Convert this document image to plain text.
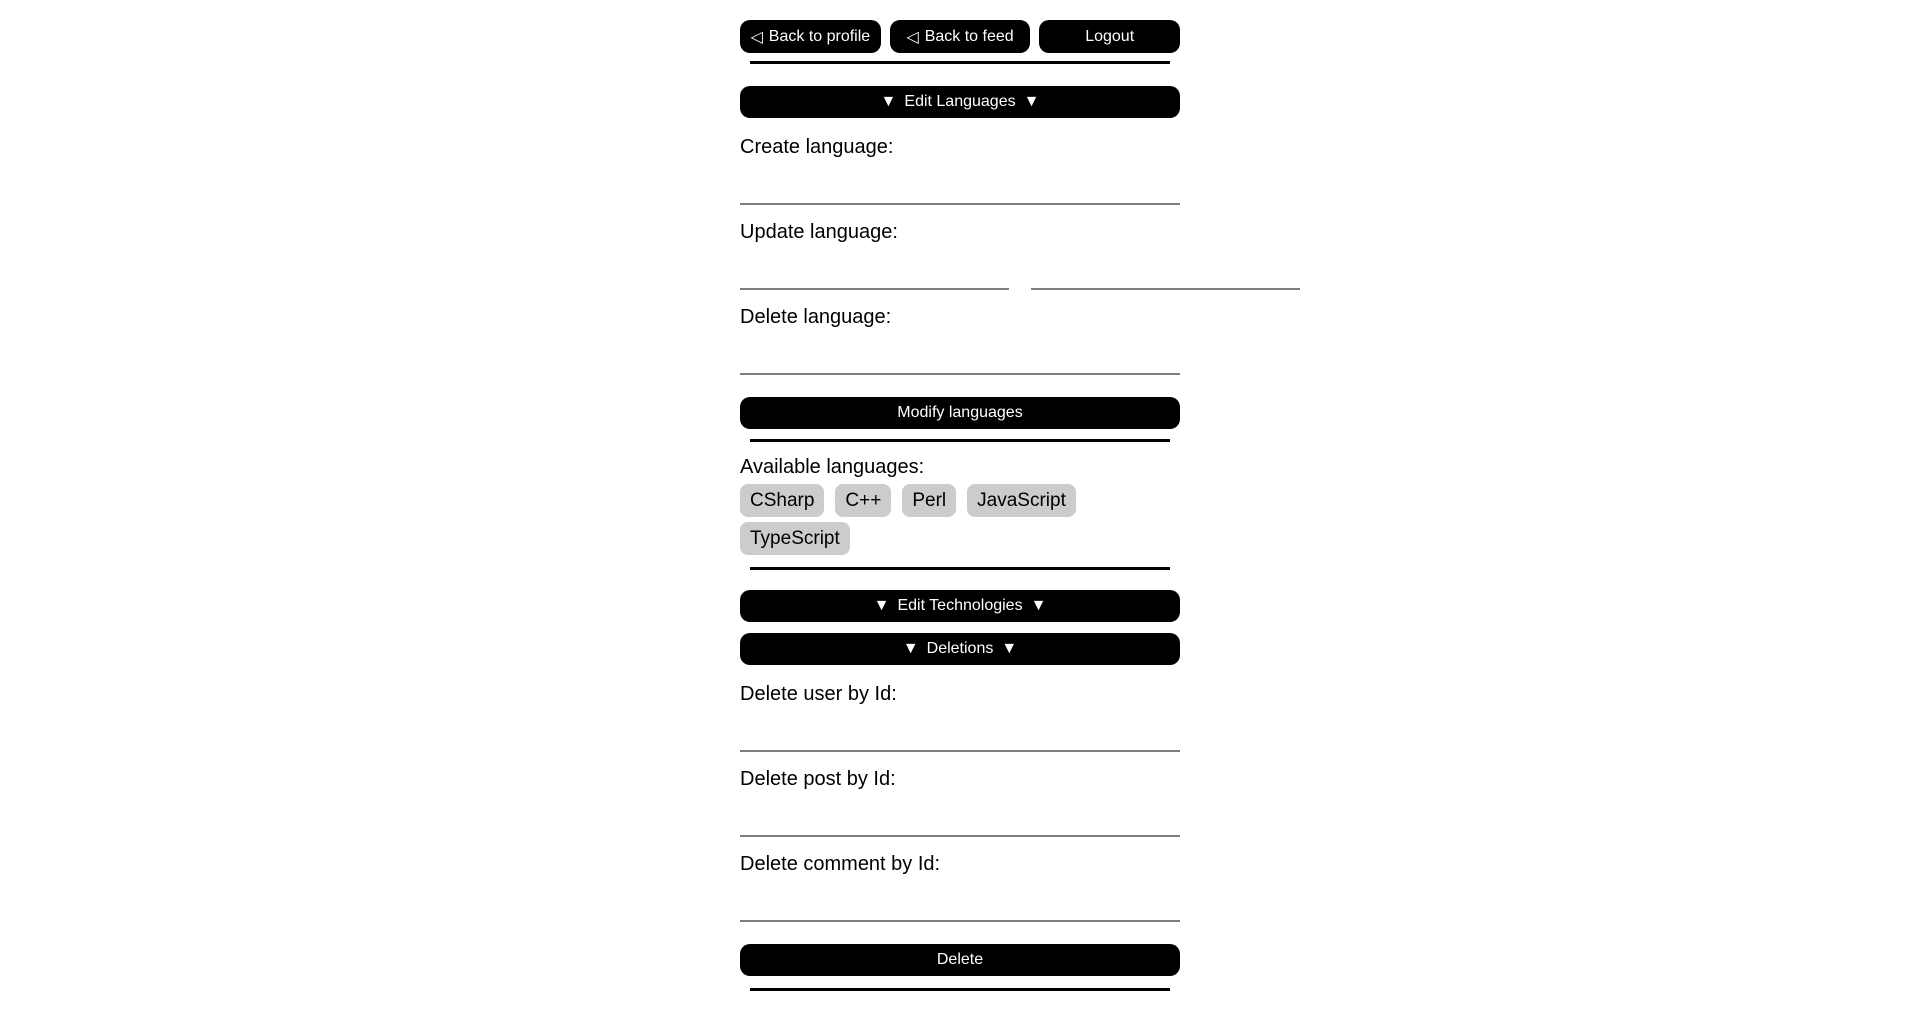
◁ Back to profile ◁ Back to feed	Logout
▼ Edit Languages ▼
Create language:
Update language:
Delete language:
Modify languages
Available languages:
CSharp	C++	Perl	JavaScript
TypeScript
▼ Edit Technologies ▼
▼ Deletions ▼
Delete user by Id:
Delete post by Id:
Delete comment by Id:
Delete
